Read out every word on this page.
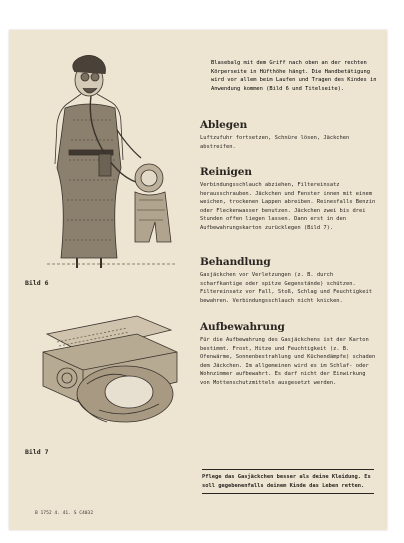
Bild 6
Bild 7

Blasebalg mit dem Griff nach oben an der rechten Körperseite in Hüfthöhe hängt. Die Handbetätigung wird vor allem beim Laufen und Tragen des Kindes in Anwendung kommen (Bild 6 und Titelseite).

Ablegen

Luftzufuhr fortsetzen, Schnüre lösen, Jäckchen abstreifen.

Reinigen

Verbindungsschlauch abziehen, Filtereinsatz herausschrauben. Jäckchen und Fenster innen mit einem weichen, trockenen Lappen abreiben. Reinesfalls Benzin oder Fleckenwasser benutzen. Jäckchen zwei bis drei Stunden offen liegen lassen. Dann erst in den Aufbewahrungskarton zurücklegen (Bild 7).

Behandlung

Gasjäckchen vor Verletzungen (z. B. durch scharfkantige oder spitze Gegenstände) schützen. Filtereinsatz vor Fall, Stoß, Schlag und Feuchtigkeit bewahren. Verbindungsschlauch nicht knicken.

Aufbewahrung

Für die Aufbewahrung des Gasjäckchens ist der Karton bestimmt. Frost, Hitze und Feuchtigkeit (z. B. Ofenwärme, Sonnenbestrahlung und Küchendämpfe) schaden dem Jäckchen. Im allgemeinen wird es im Schlaf- oder Wohnzimmer aufbewahrt. Es darf nicht der Einwirkung von Mottenschutzmitteln ausgesetzt werden.

Pflege das Gasjäckchen besser als deine Kleidung. Es soll gegebenenfalls deinem Kinde das Leben retten.
B 1752 4. 41. S C4032
